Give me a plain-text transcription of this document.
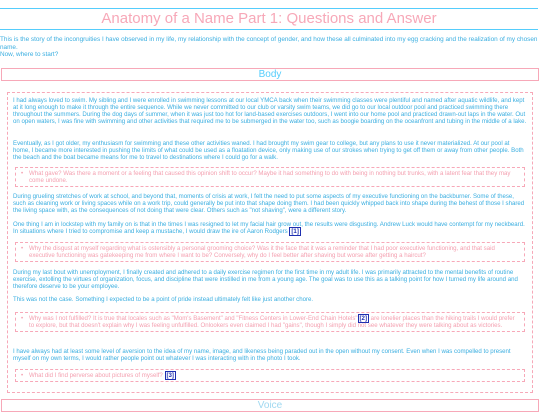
Anatomy of a Name Part 1: Questions and Answer

This is the story of the incongruities I have observed in my life, my relationship with the concept of gender, and how these all culminated into my egg cracking and the realization of my chosen name.

Now, where to start?

Body

I had always loved to swim. My sibling and I were enrolled in swimming lessons at our local YMCA back when their swimming classes were plentiful and named after aquatic wildlife, and kept at it long enough to make it through the entire sequence. While we never committed to our club or varsity swim teams, we did go to our local outdoor pool and practiced swimming there throughout the summers. During the dog days of summer, when it was just too hot for land-based exercises outdoors, I went into our home pool and practiced drawn-out laps in the water. Out on open waters, I was fine with swimming and other activities that required me to be submerged in the water too, such as boogie boarding on the oceanfront and tubing in the middle of a lake.

Eventually, as I got older, my enthusiasm for swimming and these other activities waned. I had brought my swim gear to college, but any plans to use it never materialized. At our pool at home, I became more interested in pushing the limits of what could be used as a floatation device, only making use of our strokes when trying to get off them or away from other people. Both the beach and the boat became means for me to travel to destinations where I could go for a walk.

• What gave? Was there a moment or a feeling that caused this opinion shift to occur? Maybe it had something to do with being in nothing but trunks, with a latent fear that they may come undone.

During grueling stretches of work at school, and beyond that, moments of crisis at work, I felt the need to put some aspects of my executive functioning on the backburner. Some of these, such as cleaning work or living spaces while on a work trip, could generally be put into that shape doing them. I had been quickly whipped back into shape during the behest of those I shared the living space with, as the consequences of not doing that were clear. Others such as "not shaving", were a different story.

One thing I am in lockstep with my family on is that in the times I was resigned to let my facial hair grow out, the results were disgusting. Andrew Luck would have contempt for my neckbeard. In situations where I tried to compromise and keep a mustache, I would draw the ire of Aaron Rodgers [1]

• Why the disgust at myself regarding what is ostensibly a personal grooming choice? Was it the face that it was a reminder that I had poor executive functioning, and that said executive functioning was gatekeeping me from where I want to be? Conversely, why do I feel better after shaving but worse after getting a haircut?

During my last bout with unemployment, I finally created and adhered to a daily exercise regimen for the first time in my adult life. I was primarily attracted to the mental benefits of routine exercise, extolling the virtues of organization, focus, and discipline that were instilled in me from a young age. The goal was to use this as a talking point for how I turned my life around and therefore deserve to be your employee.

This was not the case. Something I expected to be a point of pride instead ultimately felt like just another chore.

• Why was I not fulfilled? It is true that locales such as "Mom's Basement" and "Fitness Centers in Lower-End Chain Hotels" [2] are lonelier places than the hiking trails I would prefer to explore, but that doesn't explain why I was feeling unfulfilled. Onlookers even claimed I had "gains", though I simply did not see whatever they were talking about as victories.

I have always had at least some level of aversion to the idea of my name, image, and likeness being paraded out in the open without my consent. Even when I was compelled to present myself on my own terms, I would rather people point out whatever I was interacting with in the photo I took.

• What did I find perverse about pictures of myself? [3]
Voice
